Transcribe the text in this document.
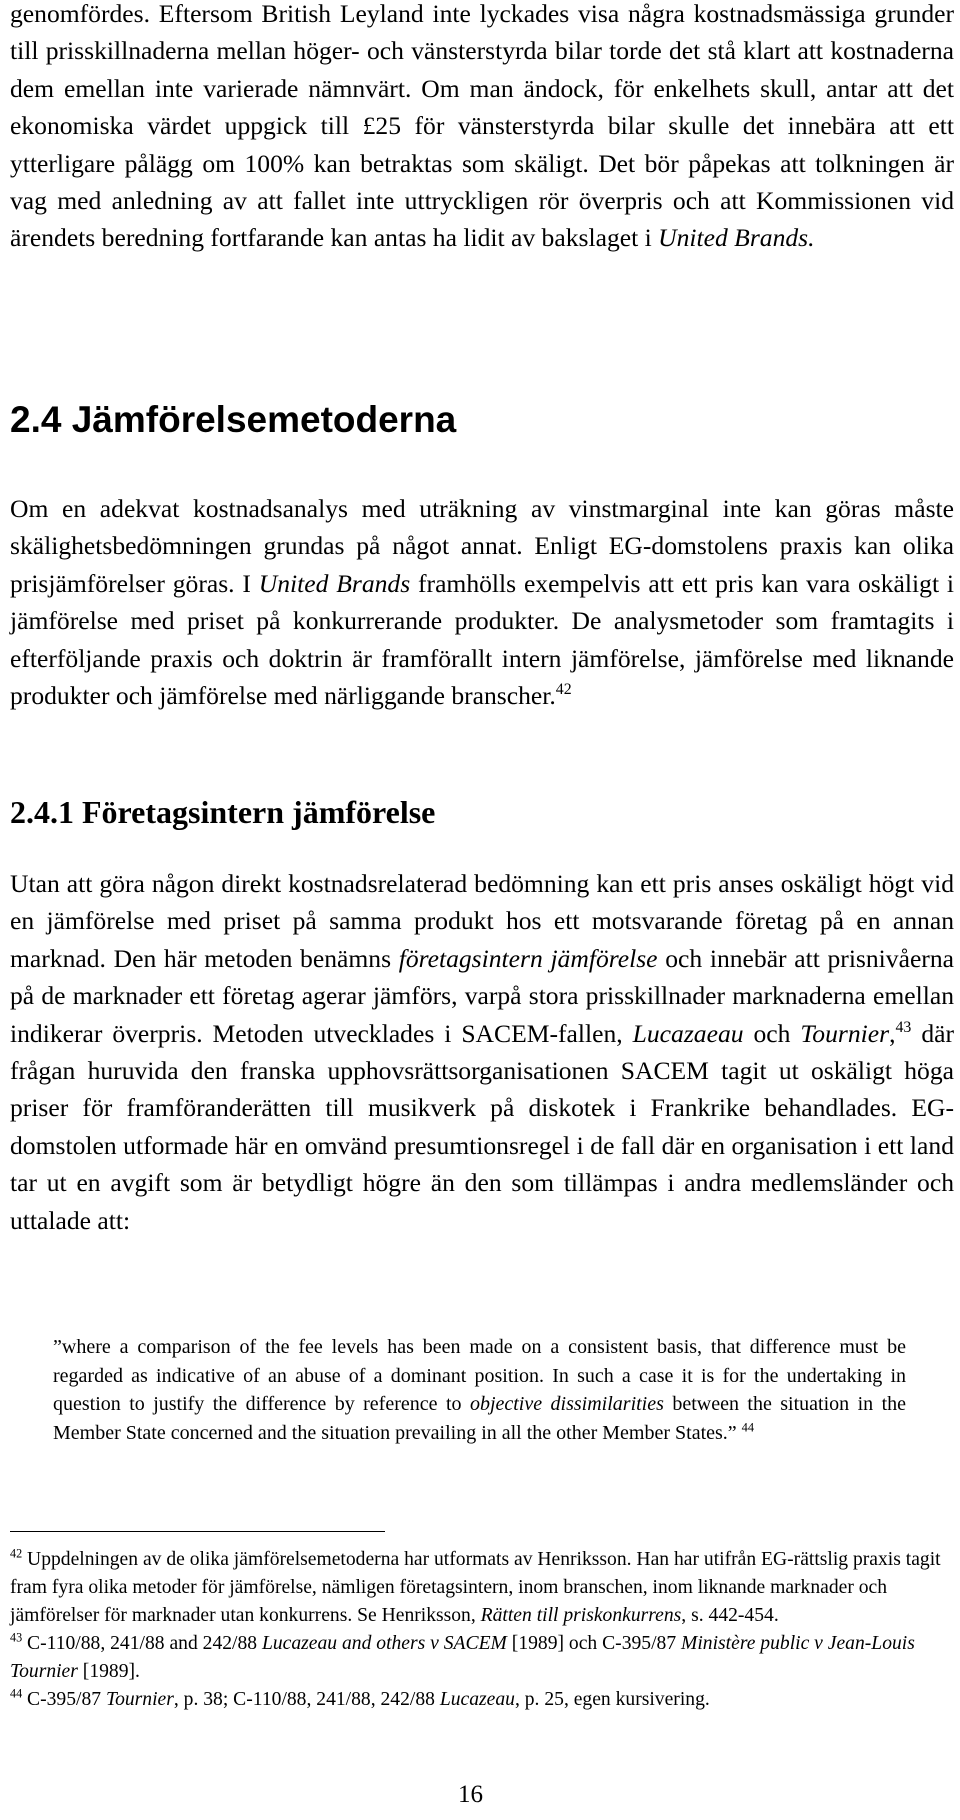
genomfördes. Eftersom British Leyland inte lyckades visa några kostnadsmässiga grunder till prisskillnaderna mellan höger- och vänsterstyrda bilar torde det stå klart att kostnaderna dem emellan inte varierade nämnvärt. Om man ändock, för enkelhets skull, antar att det ekonomiska värdet uppgick till £25 för vänsterstyrda bilar skulle det innebära att ett ytterligare pålägg om 100% kan betraktas som skäligt. Det bör påpekas att tolkningen är vag med anledning av att fallet inte uttryckligen rör överpris och att Kommissionen vid ärendets beredning fortfarande kan antas ha lidit av bakslaget i United Brands.

2.4 Jämförelsemetoderna

Om en adekvat kostnadsanalys med uträkning av vinstmarginal inte kan göras måste skälighetsbedömningen grundas på något annat. Enligt EG-domstolens praxis kan olika prisjämförelser göras. I United Brands framhölls exempelvis att ett pris kan vara oskäligt i jämförelse med priset på konkurrerande produkter. De analysmetoder som framtagits i efterföljande praxis och doktrin är framförallt intern jämförelse, jämförelse med liknande produkter och jämförelse med närliggande branscher.$^{42}$

2.4.1 Företagsintern jämförelse

Utan att göra någon direkt kostnadsrelaterad bedömning kan ett pris anses oskäligt högt vid en jämförelse med priset på samma produkt hos ett motsvarande företag på en annan marknad. Den här metoden benämns företagsintern jämförelse och innebär att prisnivåerna på de marknader ett företag agerar jämförs, varpå stora prisskillnader marknaderna emellan indikerar överpris. Metoden utvecklades i SACEM-fallen, Lucazaeau och Tournier,$^{43}$ där frågan huruvida den franska upphovsrättsorganisationen SACEM tagit ut oskäligt höga priser för framföranderätten till musikverk på diskotek i Frankrike behandlades. EG-domstolen utformade här en omvänd presumtionsregel i de fall där en organisation i ett land tar ut en avgift som är betydligt högre än den som tillämpas i andra medlemsländer och uttalade att:

”where a comparison of the fee levels has been made on a consistent basis, that difference must be regarded as indicative of an abuse of a dominant position. In such a case it is for the undertaking in question to justify the difference by reference to objective dissimilarities between the situation in the Member State concerned and the situation prevailing in all the other Member States.” $^{44}$

$^{42}$ Uppdelningen av de olika jämförelsemetoderna har utformats av Henriksson. Han har utifrån EG-rättslig praxis tagit fram fyra olika metoder för jämförelse, nämligen företagsintern, inom branschen, inom liknande marknader och jämförelser för marknader utan konkurrens. Se Henriksson, Rätten till priskonkurrens, s. 442-454.

$^{43}$ C-110/88, 241/88 and 242/88 Lucazeau and others v SACEM [1989] och C-395/87 Ministère public v Jean-Louis Tournier [1989].

$^{44}$ C-395/87 Tournier, p. 38; C-110/88, 241/88, 242/88 Lucazeau, p. 25, egen kursivering.

16
